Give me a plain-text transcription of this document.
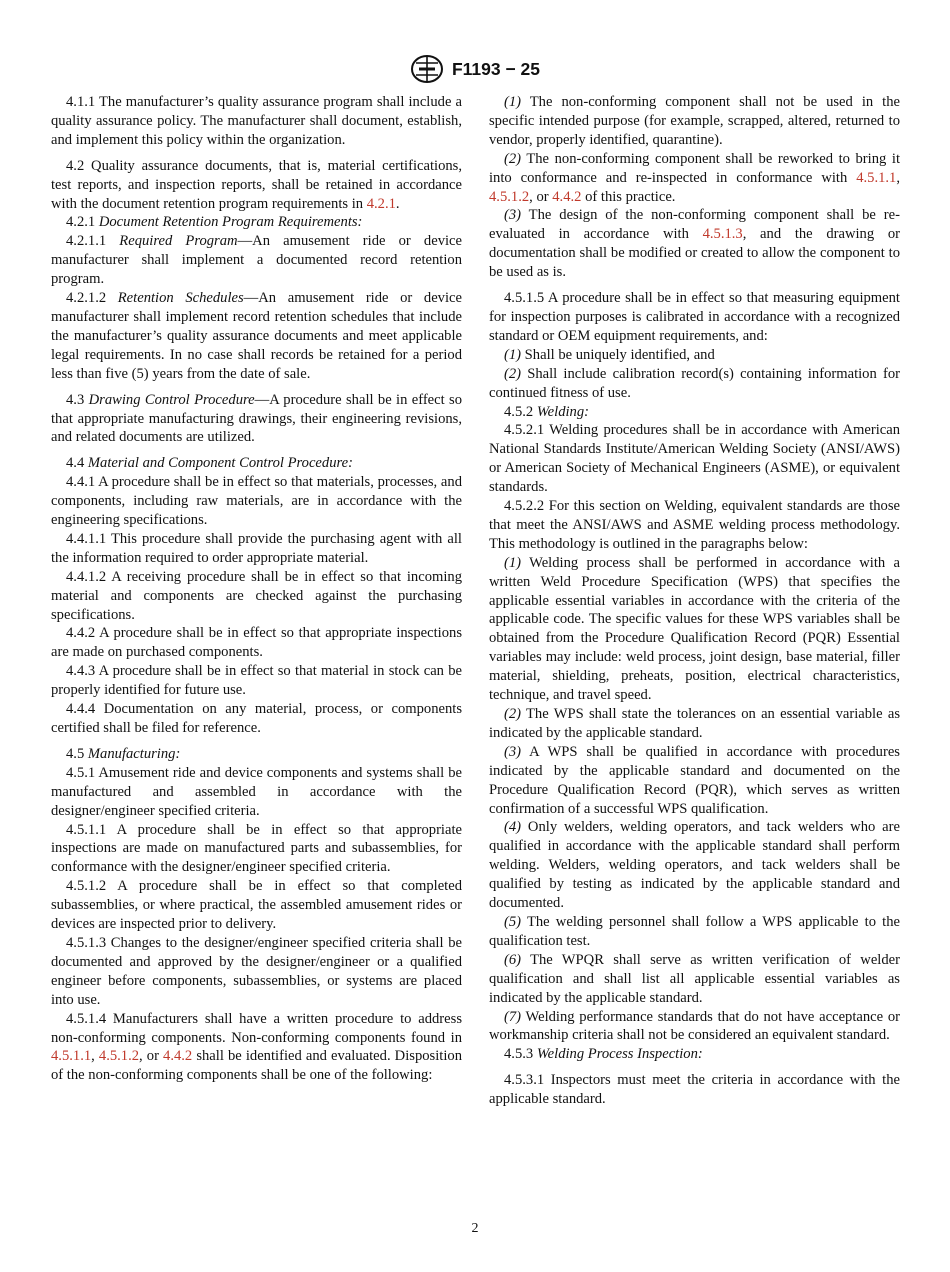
F1193 − 25

4.1.1 The manufacturer’s quality assurance program shall include a quality assurance policy. The manufacturer shall document, establish, and implement this policy within the organization.

4.2 Quality assurance documents, that is, material certifications, test reports, and inspection reports, shall be retained in accordance with the document retention program requirements in 4.2.1.

4.2.1 Document Retention Program Requirements:

4.2.1.1 Required Program—An amusement ride or device manufacturer shall implement a documented record retention program.

4.2.1.2 Retention Schedules—An amusement ride or device manufacturer shall implement record retention schedules that include the manufacturer’s quality assurance documents and meet applicable legal requirements. In no case shall records be retained for a period less than five (5) years from the date of sale.

4.3 Drawing Control Procedure—A procedure shall be in effect so that appropriate manufacturing drawings, their engineering revisions, and related documents are utilized.

4.4 Material and Component Control Procedure:

4.4.1 A procedure shall be in effect so that materials, processes, and components, including raw materials, are in accordance with the engineering specifications.

4.4.1.1 This procedure shall provide the purchasing agent with all the information required to order appropriate material.

4.4.1.2 A receiving procedure shall be in effect so that incoming material and components are checked against the purchasing specifications.

4.4.2 A procedure shall be in effect so that appropriate inspections are made on purchased components.

4.4.3 A procedure shall be in effect so that material in stock can be properly identified for future use.

4.4.4 Documentation on any material, process, or components certified shall be filed for reference.

4.5 Manufacturing:

4.5.1 Amusement ride and device components and systems shall be manufactured and assembled in accordance with the designer/engineer specified criteria.

4.5.1.1 A procedure shall be in effect so that appropriate inspections are made on manufactured parts and subassemblies, for conformance with the designer/engineer specified criteria.

4.5.1.2 A procedure shall be in effect so that completed subassemblies, or where practical, the assembled amusement rides or devices are inspected prior to delivery.

4.5.1.3 Changes to the designer/engineer specified criteria shall be documented and approved by the designer/engineer or a qualified engineer before components, subassemblies, or systems are placed into use.

4.5.1.4 Manufacturers shall have a written procedure to address non-conforming components. Non-conforming components found in 4.5.1.1, 4.5.1.2, or 4.4.2 shall be identified and evaluated. Disposition of the non-conforming components shall be one of the following:

(1) The non-conforming component shall not be used in the specific intended purpose (for example, scrapped, altered, returned to vendor, properly identified, quarantine).

(2) The non-conforming component shall be reworked to bring it into conformance and re-inspected in conformance with 4.5.1.1, 4.5.1.2, or 4.4.2 of this practice.

(3) The design of the non-conforming component shall be re-evaluated in accordance with 4.5.1.3, and the drawing or documentation shall be modified or created to allow the component to be used as is.

4.5.1.5 A procedure shall be in effect so that measuring equipment for inspection purposes is calibrated in accordance with a recognized standard or OEM equipment requirements, and:

(1) Shall be uniquely identified, and

(2) Shall include calibration record(s) containing information for continued fitness of use.

4.5.2 Welding:

4.5.2.1 Welding procedures shall be in accordance with American National Standards Institute/American Welding Society (ANSI/AWS) or American Society of Mechanical Engineers (ASME), or equivalent standards.

4.5.2.2 For this section on Welding, equivalent standards are those that meet the ANSI/AWS and ASME welding process methodology. This methodology is outlined in the paragraphs below:

(1) Welding process shall be performed in accordance with a written Weld Procedure Specification (WPS) that specifies the applicable essential variables in accordance with the criteria of the applicable code. The specific values for these WPS variables shall be obtained from the Procedure Qualification Record (PQR) Essential variables may include: weld process, joint design, base material, filler material, shielding, preheats, position, electrical characteristics, technique, and travel speed.

(2) The WPS shall state the tolerances on an essential variable as indicated by the applicable standard.

(3) A WPS shall be qualified in accordance with procedures indicated by the applicable standard and documented on the Procedure Qualification Record (PQR), which serves as written confirmation of a successful WPS qualification.

(4) Only welders, welding operators, and tack welders who are qualified in accordance with the applicable standard shall perform welding. Welders, welding operators, and tack welders shall be qualified by testing as indicated by the applicable standard and documented.

(5) The welding personnel shall follow a WPS applicable to the qualification test.

(6) The WPQR shall serve as written verification of welder qualification and shall list all applicable essential variables as indicated by the applicable standard.

(7) Welding performance standards that do not have acceptance or workmanship criteria shall not be considered an equivalent standard.

4.5.3 Welding Process Inspection:

4.5.3.1 Inspectors must meet the criteria in accordance with the applicable standard.

2
